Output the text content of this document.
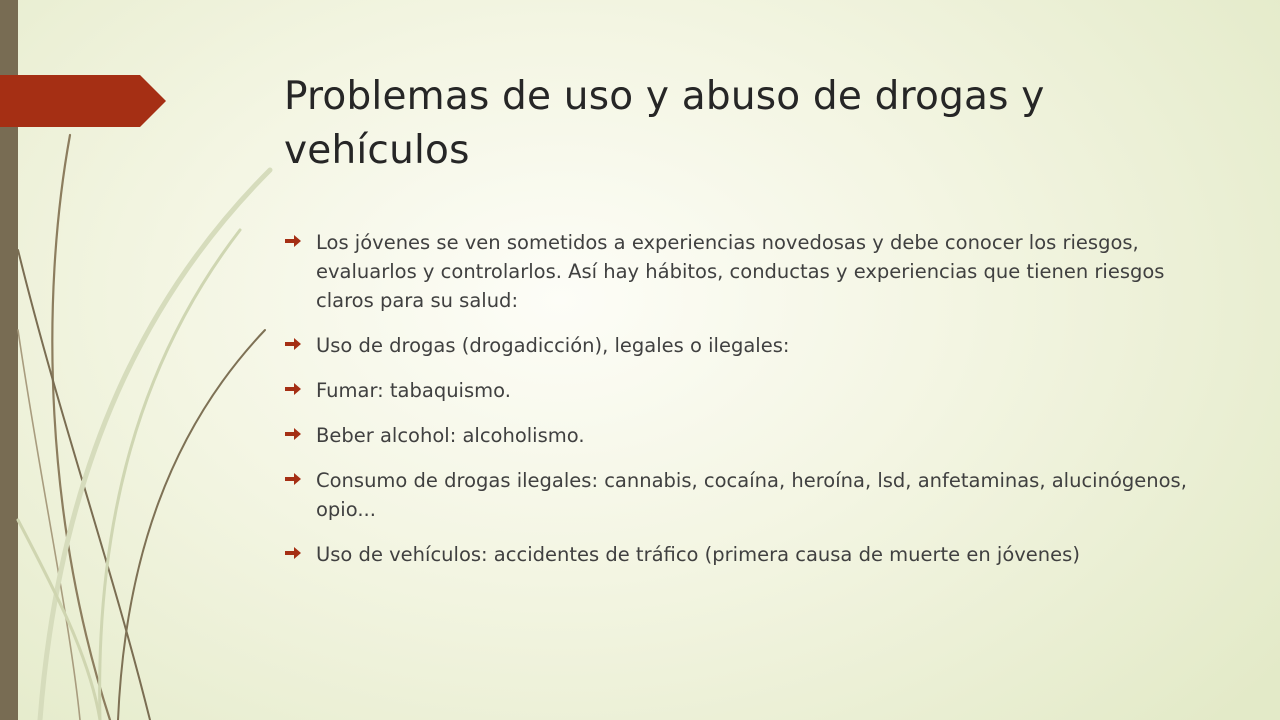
Problemas de uso y abuso de drogas y vehículos
Los jóvenes se ven sometidos a experiencias novedosas y debe conocer los riesgos, evaluarlos y controlarlos. Así hay hábitos, conductas y experiencias que tienen riesgos claros para su salud:
Uso de drogas (drogadicción), legales o ilegales:
Fumar: tabaquismo.
Beber alcohol: alcoholismo.
Consumo de drogas ilegales: cannabis, cocaína, heroína, lsd, anfetaminas, alucinógenos, opio...
Uso de vehículos: accidentes de tráfico (primera causa de muerte en jóvenes)
